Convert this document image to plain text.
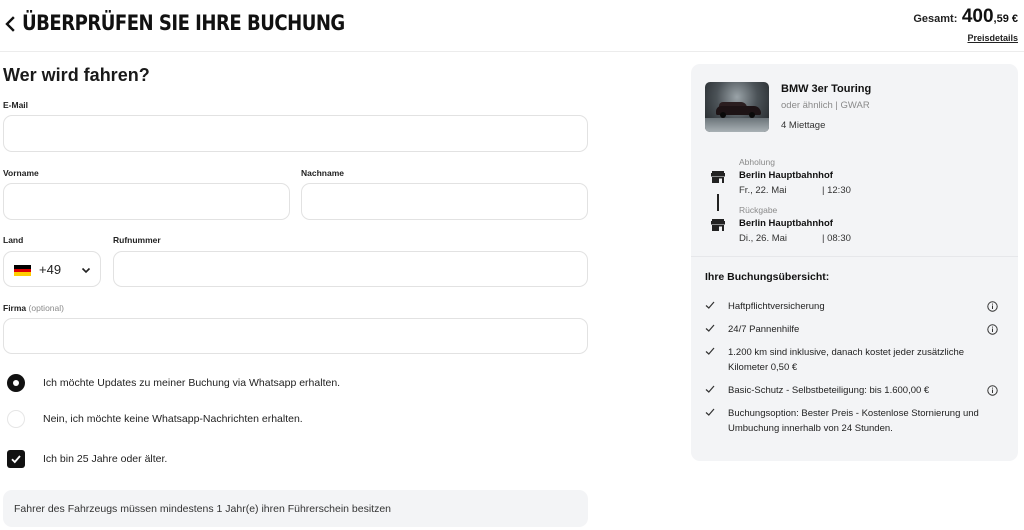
ÜBERPRÜFEN SIE IHRE BUCHUNG	Gesamt: 400,59 €
Preisdetails
Wer wird fahren?
E-Mail
Vorname	Nachname
Land
+49
Rufnummer
Firma (optional)
Ich möchte Updates zu meiner Buchung via Whatsapp erhalten.
Nein, ich möchte keine Whatsapp-Nachrichten erhalten.
Ich bin 25 Jahre oder älter.
Fahrer des Fahrzeugs müssen mindestens 1 Jahr(e) ihren Führerschein besitzen
BMW 3er Touring
oder ähnlich | GWAR
4 Miettage
Abholung
Berlin Hauptbahnhof
Fr., 22. Mai	| 12:30
Rückgabe
Berlin Hauptbahnhof
Di., 26. Mai	| 08:30
Ihre Buchungsübersicht:
Haftpflichtversicherung
24/7 Pannenhilfe
1.200 km sind inklusive, danach kostet jeder zusätzliche Kilometer 0,50 €
Basic-Schutz - Selbstbeteiligung: bis 1.600,00 €
Buchungsoption: Bester Preis - Kostenlose Stornierung und Umbuchung innerhalb von 24 Stunden.
